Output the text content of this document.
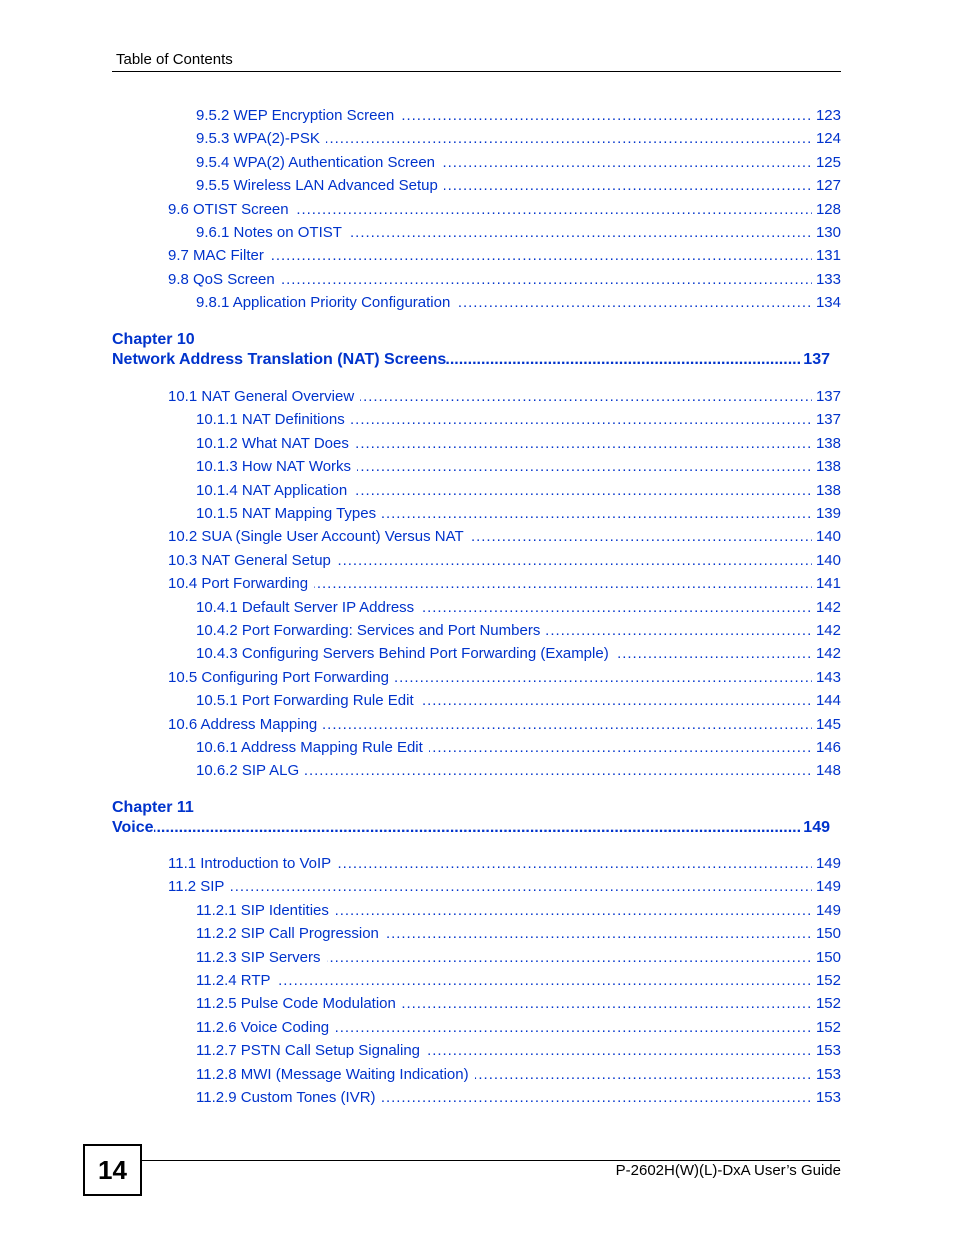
Table of Contents
. . .
9.5.2 WEP Encryption Screen	123
. . .
9.5.3 WPA(2)-PSK	124
. . .
9.5.4 WPA(2) Authentication Screen	125
. . .
9.5.5 Wireless LAN Advanced Setup	127
. . .
9.6 OTIST Screen	128
. . .
9.6.1 Notes on OTIST	130
. . .
9.7 MAC Filter	131
. . .
9.8 QoS Screen	133
. . .
9.8.1 Application Priority Configuration	134
Chapter 10
.....
Network Address Translation (NAT) Screens	137
. . .
10.1 NAT General Overview	137
. . .
10.1.1 NAT Definitions	137
. . .
10.1.2 What NAT Does	138
. . .
10.1.3 How NAT Works	138
. . .
10.1.4 NAT Application	138
. . .
10.1.5 NAT Mapping Types	139
. . .
10.2 SUA (Single User Account) Versus NAT	140
. . .
10.3 NAT General Setup	140
. . .
10.4 Port Forwarding	141
. . .
10.4.1 Default Server IP Address	142
. . .
10.4.2 Port Forwarding: Services and Port Numbers	142
. . .
10.4.3 Configuring Servers Behind Port Forwarding (Example)	142
. . .
10.5 Configuring Port Forwarding	143
. . .
10.5.1 Port Forwarding Rule Edit	144
. . .
10.6 Address Mapping	145
. . .
10.6.1 Address Mapping Rule Edit	146
. . .
10.6.2 SIP ALG	148
Chapter 11
.....
Voice	149
. . .
11.1 Introduction to VoIP	149
. . .
11.2 SIP	149
. . .
11.2.1 SIP Identities	149
. . .
11.2.2 SIP Call Progression	150
. . .
11.2.3 SIP Servers	150
. . .
11.2.4 RTP	152
. . .
11.2.5 Pulse Code Modulation	152
. . .
11.2.6 Voice Coding	152
. . .
11.2.7 PSTN Call Setup Signaling	153
. . .
11.2.8 MWI (Message Waiting Indication)	153
. . .
11.2.9 Custom Tones (IVR)	153
14	P-2602H(W)(L)-DxA User’s Guide
